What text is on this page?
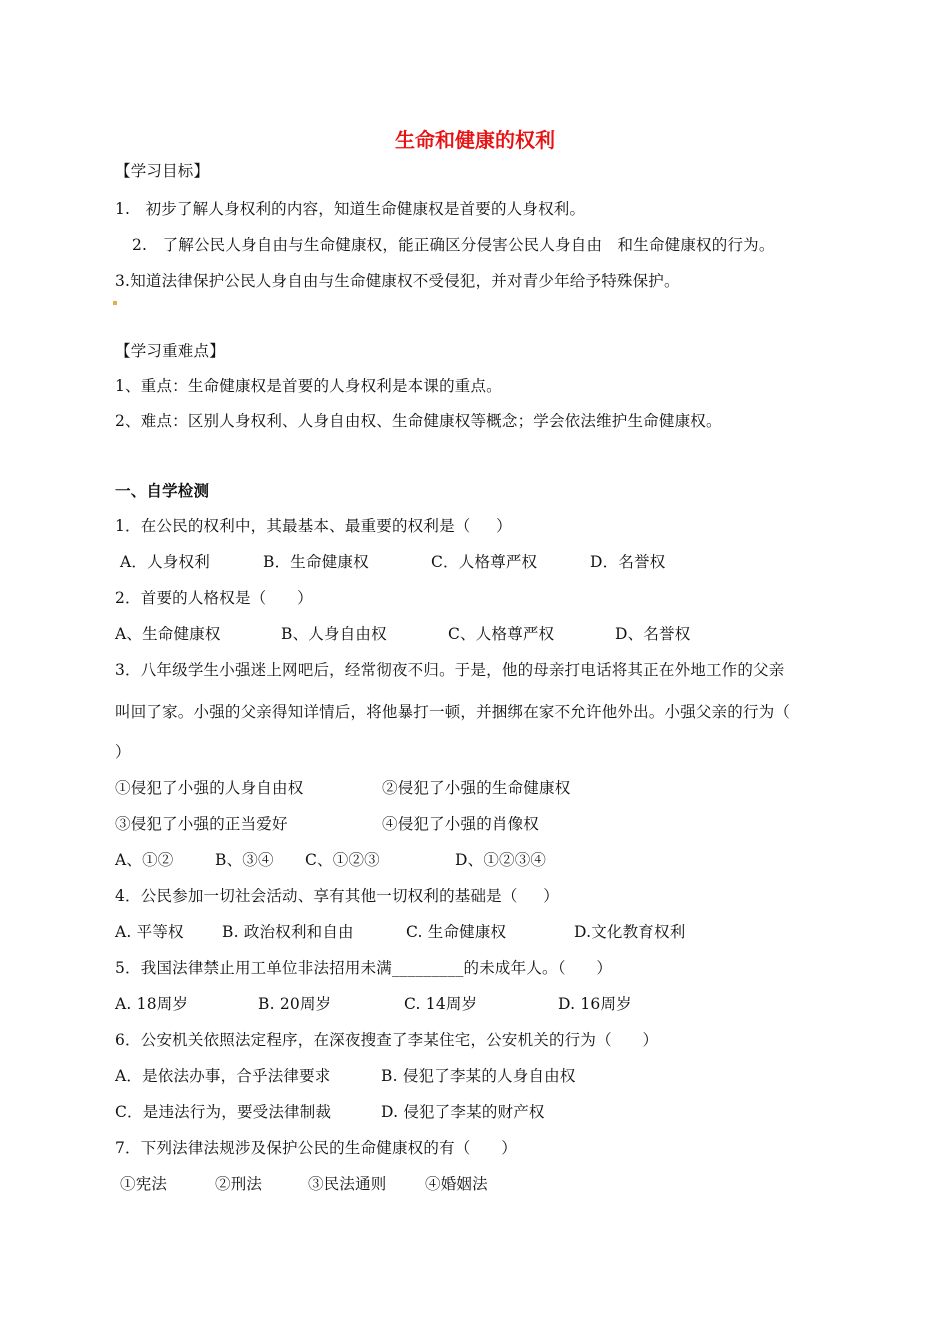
生命和健康的权利
【学习目标】
1.   初步了解人身权利的内容，知道生命健康权是首要的人身权利。
2.   了解公民人身自由与生命健康权，能正确区分侵害公民人身自由   和生命健康权的行为。
3.知道法律保护公民人身自由与生命健康权不受侵犯，并对青少年给予特殊保护。
【学习重难点】
1、重点：生命健康权是首要的人身权利是本课的重点。
2、难点：区别人身权利、人身自由权、生命健康权等概念；学会依法维护生命健康权。
一、自学检测
1．在公民的权利中，其最基本、最重要的权利是（     ）

A．人身权利

	B．生命健康权

	C．人格尊严权

	D．名誉权

2．首要的人格权是（      ）

A、生命健康权

	B、人身自由权

	C、人格尊严权

	D、名誉权

3．八年级学生小强迷上网吧后，经常彻夜不归。于是，他的母亲打电话将其正在外地工作的父亲
叫回了家。小强的父亲得知详情后，将他暴打一顿，并捆绑在家不允许他外出。小强父亲的行为（
）

①侵犯了小强的人身自由权

	②侵犯了小强的生命健康权

③侵犯了小强的正当爱好

	④侵犯了小强的肖像权

A、①②

	B、③④

C、①②③

	D、①②③④

4．公民参加一切社会活动、享有其他一切权利的基础是（     ）

A. 平等权

B. 政治权利和自由

	C. 生命健康权

	D.文化教育权利

5．我国法律禁止用工单位非法招用未满_________的未成年人。（      ）

A. 18周岁

	B. 20周岁

	C. 14周岁

	D. 16周岁

6．公安机关依照法定程序，在深夜搜查了李某住宅，公安机关的行为（      ）

A．是依法办事，合乎法律要求

	B. 侵犯了李某的人身自由权

C．是违法行为，要受法律制裁

	D. 侵犯了李某的财产权

7．下列法律法规涉及保护公民的生命健康权的有（      ）

①宪法

	②刑法

	③民法通则

④婚姻法
